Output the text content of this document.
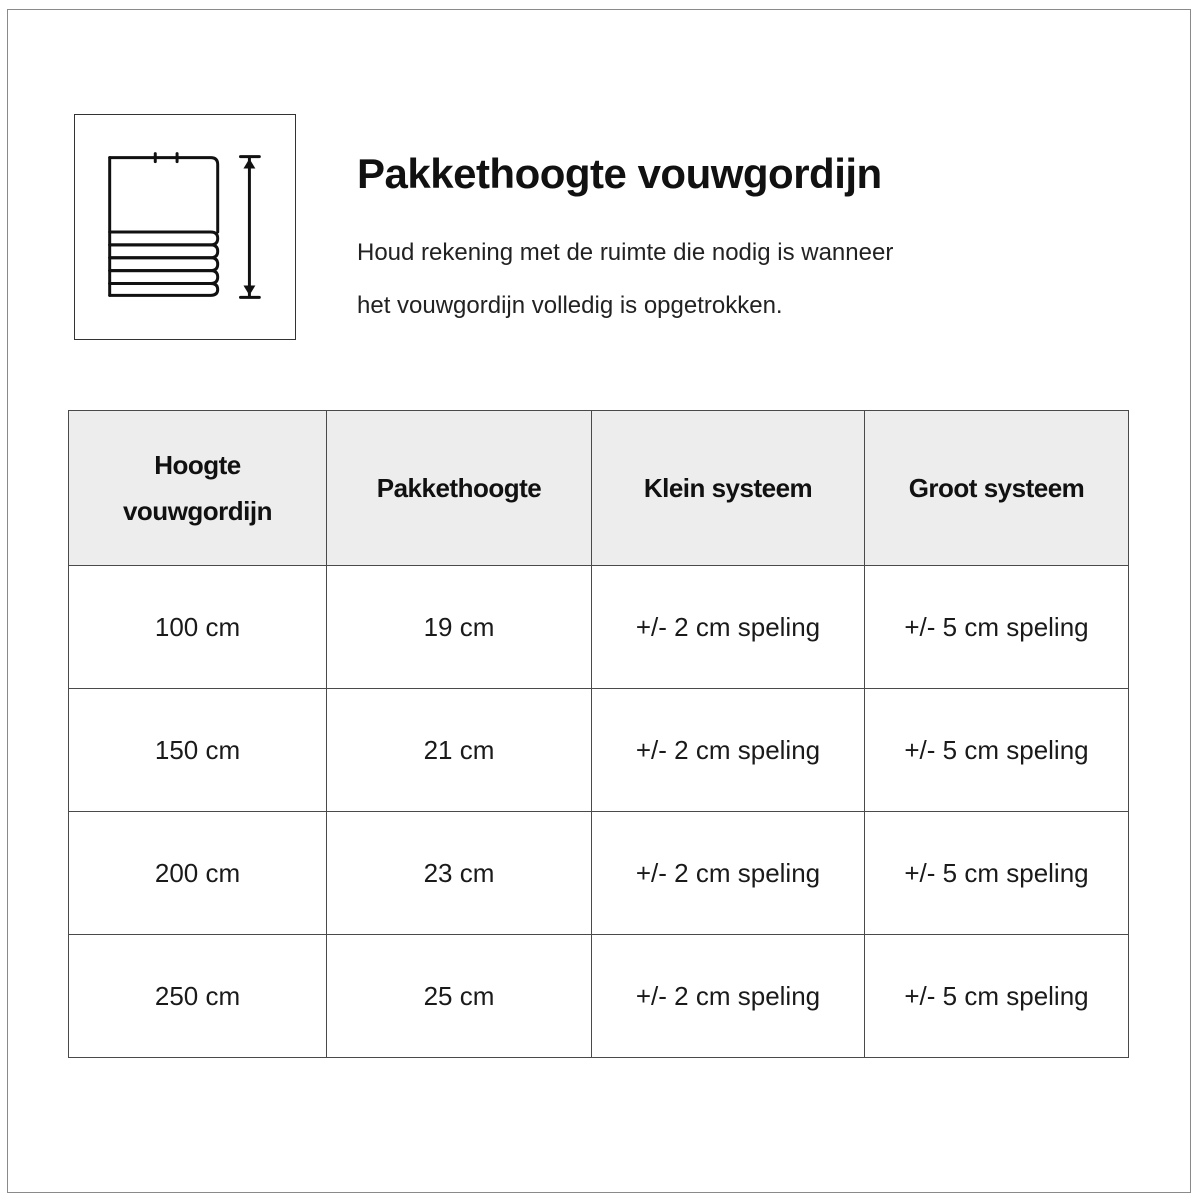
Pakkethoogte vouwgordijn

Houd rekening met de ruimte die nodig is wanneer
het vouwgordijn volledig is opgetrokken.

Hoogte
vouwgordijn	Pakkethoogte	Klein systeem	Groot systeem

100 cm	19 cm	+/- 2 cm speling	+/- 5 cm speling
150 cm	21 cm	+/- 2 cm speling	+/- 5 cm speling
200 cm	23 cm	+/- 2 cm speling	+/- 5 cm speling
250 cm	25 cm	+/- 2 cm speling	+/- 5 cm speling
